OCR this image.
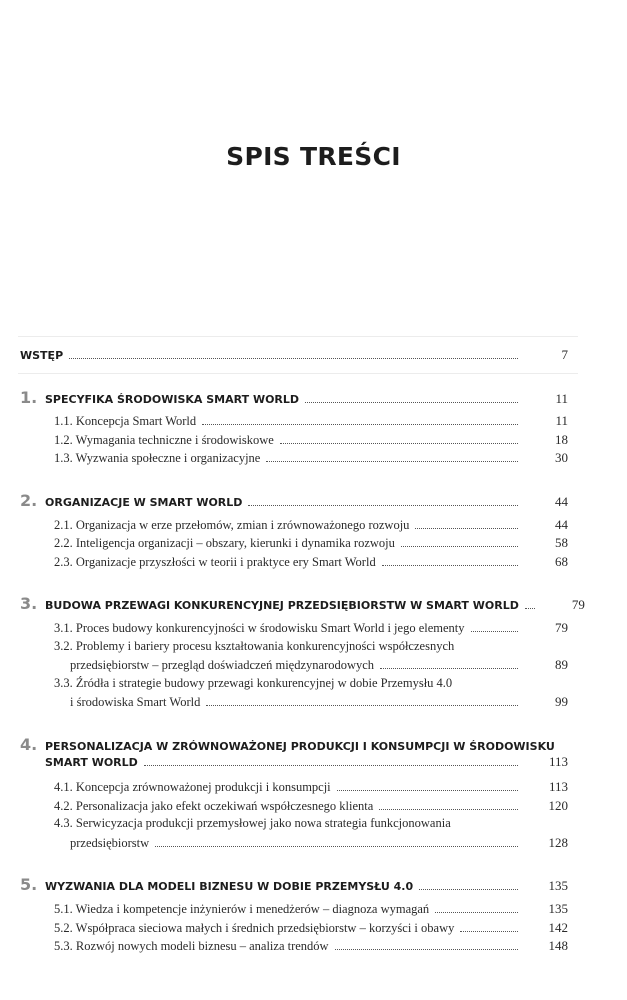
SPIS TREŚCI
WSTĘP	7
1. SPECYFIKA ŚRODOWISKA SMART WORLD	11
1.1. Koncepcja Smart World	11
1.2. Wymagania techniczne i środowiskowe	18
1.3. Wyzwania społeczne i organizacyjne	30
2. ORGANIZACJE W SMART WORLD	44
2.1. Organizacja w erze przełomów, zmian i zrównoważonego rozwoju	44
2.2. Inteligencja organizacji – obszary, kierunki i dynamika rozwoju	58
2.3. Organizacje przyszłości w teorii i praktyce ery Smart World	68
3. BUDOWA PRZEWAGI KONKURENCYJNEJ PRZEDSIĘBIORSTW W SMART WORLD	79
3.1. Proces budowy konkurencyjności w środowisku Smart World i jego elementy	79
3.2. Problemy i bariery procesu kształtowania konkurencyjności współczesnych
przedsiębiorstw – przegląd doświadczeń międzynarodowych	89
3.3. Źródła i strategie budowy przewagi konkurencyjnej w dobie Przemysłu 4.0
i środowiska Smart World	99
4. PERSONALIZACJA W ZRÓWNOWAŻONEJ PRODUKCJI I KONSUMPCJI W ŚRODOWISKU
SMART WORLD	113
4.1. Koncepcja zrównoważonej produkcji i konsumpcji	113
4.2. Personalizacja jako efekt oczekiwań współczesnego klienta	120
4.3. Serwicyzacja produkcji przemysłowej jako nowa strategia funkcjonowania
przedsiębiorstw	128
5. WYZWANIA DLA MODELI BIZNESU W DOBIE PRZEMYSŁU 4.0	135
5.1. Wiedza i kompetencje inżynierów i menedżerów – diagnoza wymagań	135
5.2. Współpraca sieciowa małych i średnich przedsiębiorstw – korzyści i obawy	142
5.3. Rozwój nowych modeli biznesu – analiza trendów	148
